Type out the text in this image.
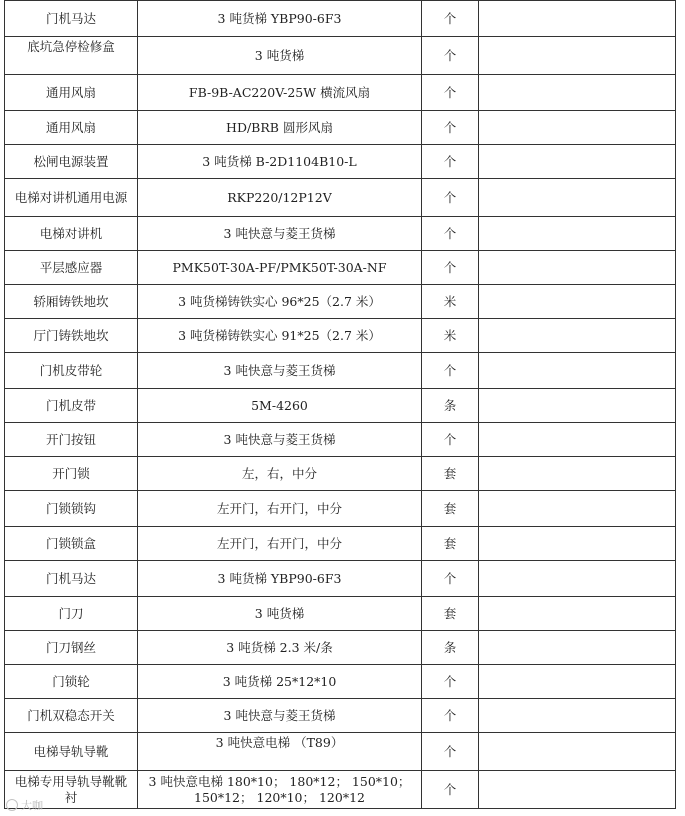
门机马达	3 吨货梯 YBP90-6F3	个	
底坑急停检修盒	3 吨货梯	个	
通用风扇	FB-9B-AC220V-25W 横流风扇	个	
通用风扇	HD/BRB 圆形风扇	个	
松闸电源装置	3 吨货梯 B-2D1104B10-L	个	
电梯对讲机通用电源	RKP220/12P12V	个	
电梯对讲机	3 吨快意与菱王货梯	个	
平层感应器	PMK50T-30A-PF/PMK50T-30A-NF	个	
轿厢铸铁地坎	3 吨货梯铸铁实心 96*25（2.7 米）	米	
厅门铸铁地坎	3 吨货梯铸铁实心 91*25（2.7 米）	米	
门机皮带轮	3 吨快意与菱王货梯	个	
门机皮带	5M-4260	条	
开门按钮	3 吨快意与菱王货梯	个	
开门锁	左，右，中分	套	
门锁锁钩	左开门，右开门，中分	套	
门锁锁盒	左开门，右开门，中分	套	
门机马达	3 吨货梯 YBP90-6F3	个	
门刀	3 吨货梯	套	
门刀钢丝	3 吨货梯 2.3 米/条	条	
门锁轮	3 吨货梯 25*12*10	个	
门机双稳态开关	3 吨快意与菱王货梯	个	
电梯导轨导靴	3 吨快意电梯 （T89）	个	
电梯专用导轨导靴靴衬	3 吨快意电梯 180*10； 180*12； 150*10； 150*12； 120*10； 120*12	个	
大咖
